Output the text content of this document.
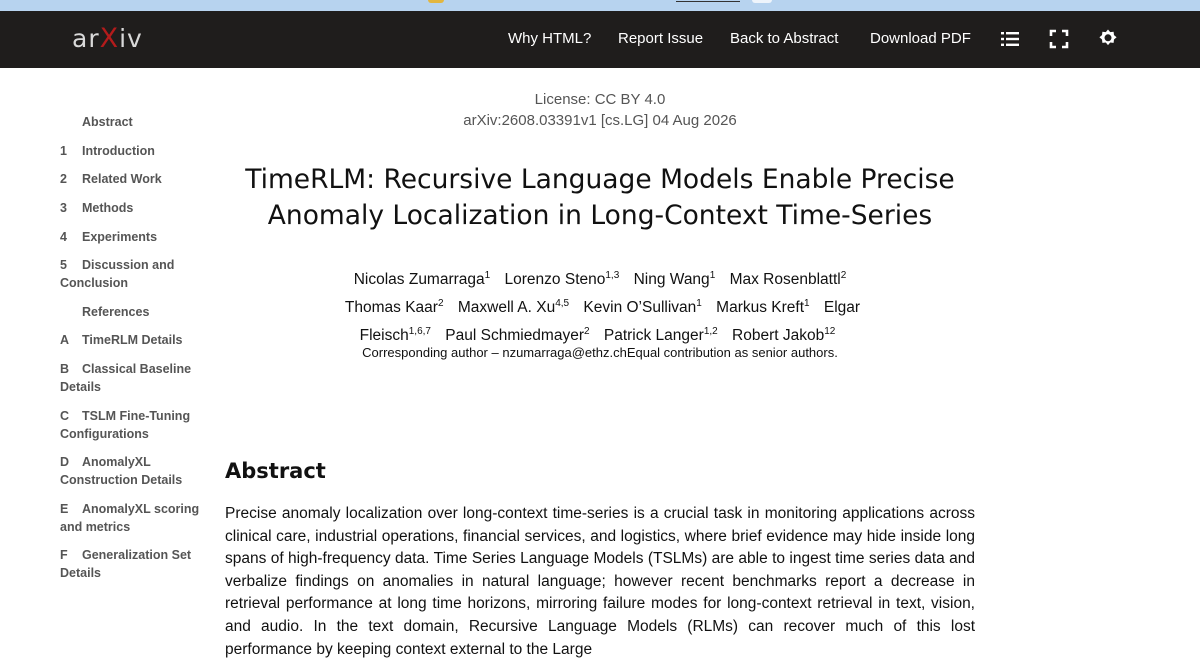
arXiv	Why HTML? Report Issue Back to Abstract Download PDF
Abstract
1 Introduction
2 Related Work
3 Methods
4 Experiments
5 Discussion and Conclusion
References
A TimeRLM Details
B Classical Baseline Details
C TSLM Fine-Tuning Configurations
D AnomalyXL Construction Details
E AnomalyXL scoring and metrics
F Generalization Set Details
License: CC BY 4.0
arXiv:2608.03391v1 [cs.LG] 04 Aug 2026
TimeRLM: Recursive Language Models Enable Precise Anomaly Localization in Long-Context Time-Series
Nicolas Zumarraga$^1$ Lorenzo Steno$^{1,3}$ Ning Wang$^1$ Max Rosenblattl$^2$ Thomas Kaar$^2$ Maxwell A. Xu$^{4,5}$ Kevin O’Sullivan$^1$ Markus Kreft$^1$ Elgar Fleisch$^{1,6,7}$ Paul Schmiedmayer$^2$ Patrick Langer$^{1,2}$ Robert Jakob$^{12}$
Corresponding author – nzumarraga@ethz.chEqual contribution as senior authors.
Abstract

Precise anomaly localization over long-context time-series is a crucial task in monitoring applications across clinical care, industrial operations, financial services, and logistics, where brief evidence may hide inside long spans of high-frequency data. Time Series Language Models (TSLMs) are able to ingest time series data and verbalize findings on anomalies in natural language; however recent benchmarks report a decrease in retrieval performance at long time horizons, mirroring failure modes for long-context retrieval in text, vision, and audio. In the text domain, Recursive Language Models (RLMs) can recover much of this lost performance by keeping context external to the Large
